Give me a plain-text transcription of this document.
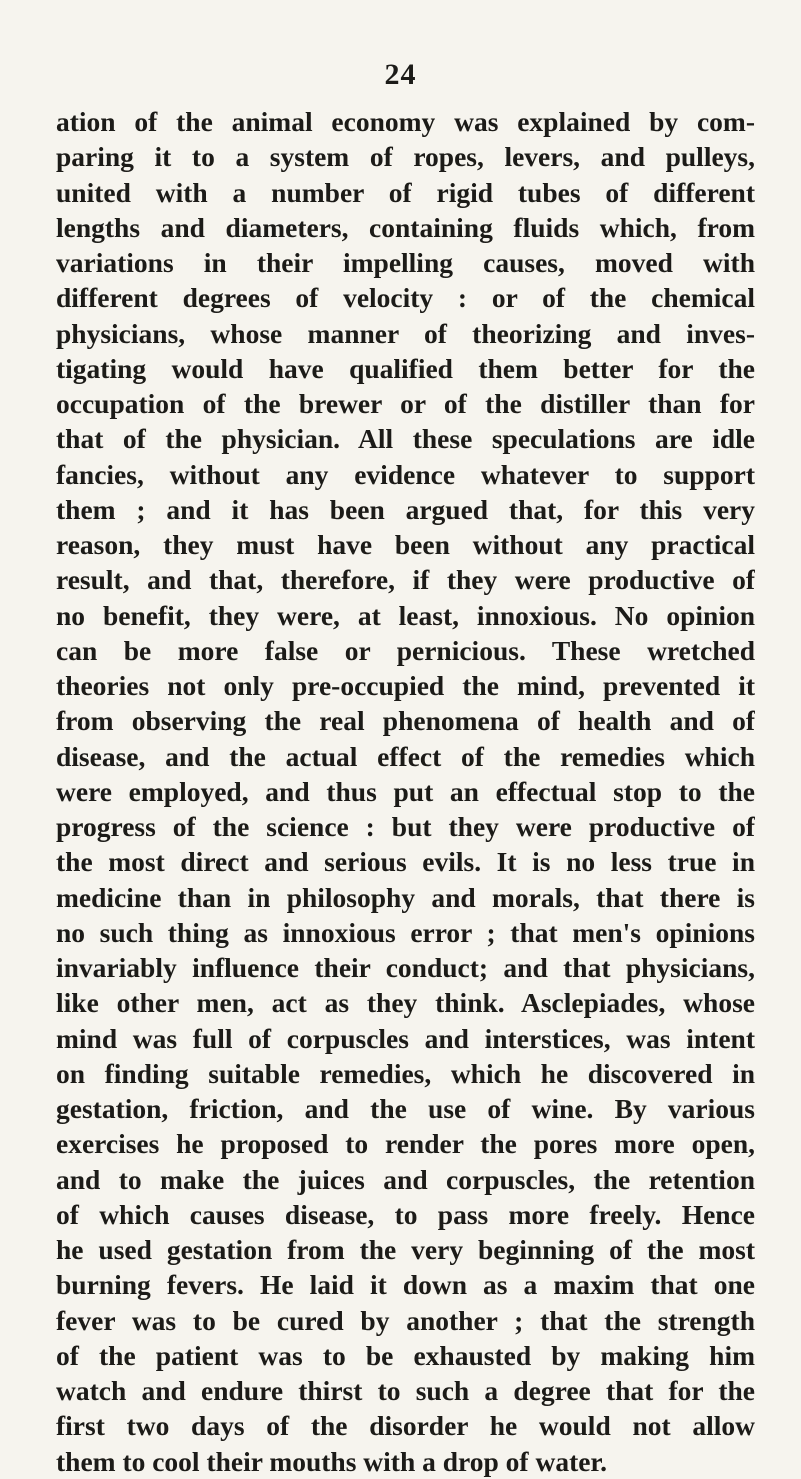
24
ation of the animal economy was explained by com-
paring it to a system of ropes, levers, and pulleys,
united with a number of rigid tubes of different
lengths and diameters, containing fluids which, from
variations in their impelling causes, moved with
different degrees of velocity : or of the chemical
physicians, whose manner of theorizing and inves-
tigating would have qualified them better for the
occupation of the brewer or of the distiller than for
that of the physician. All these speculations are idle
fancies, without any evidence whatever to support
them ; and it has been argued that, for this very
reason, they must have been without any practical
result, and that, therefore, if they were productive of
no benefit, they were, at least, innoxious. No opinion
can be more false or pernicious. These wretched
theories not only pre-occupied the mind, prevented it
from observing the real phenomena of health and of
disease, and the actual effect of the remedies which
were employed, and thus put an effectual stop to the
progress of the science : but they were productive of
the most direct and serious evils. It is no less true in
medicine than in philosophy and morals, that there is
no such thing as innoxious error ; that men's opinions
invariably influence their conduct; and that physicians,
like other men, act as they think. Asclepiades, whose
mind was full of corpuscles and interstices, was intent
on finding suitable remedies, which he discovered in
gestation, friction, and the use of wine. By various
exercises he proposed to render the pores more open,
and to make the juices and corpuscles, the retention
of which causes disease, to pass more freely. Hence
he used gestation from the very beginning of the most
burning fevers. He laid it down as a maxim that one
fever was to be cured by another ; that the strength
of the patient was to be exhausted by making him
watch and endure thirst to such a degree that for the
first two days of the disorder he would not allow
them to cool their mouths with a drop of water.
